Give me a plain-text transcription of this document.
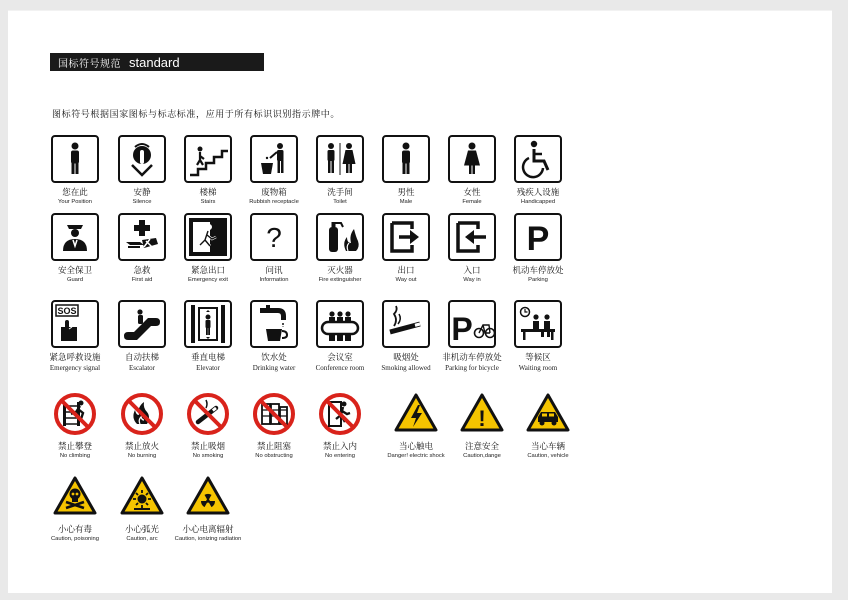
国标符号规范 standard
图标符号根据国家图标与标志标准，应用于所有标识识别指示牌中。
您在此
Your Position
安静
Silence
楼梯
Stairs
废物箱
Rubbish receptacle
洗手间
Toilet
男性
Male
女性
Female
残疾人设施
Handicapped
安全保卫
Guard
急救
First aid
紧急出口
Emergency exit
?
问讯
Information
灭火器
Fire extinguisher
出口
Way out
入口
Way in
P
机动车停放处
Parking
SOS
紧急呼救设施
Emergency signal
自动扶梯
Escalator
垂直电梯
Elevator
饮水处
Drinking water
会议室
Conference room
吸烟处
Smoking allowed
P
非机动车停放处
Parking for bicycle
等候区
Waiting room
禁止攀登
No climbing
禁止放火
No burning
禁止吸烟
No smoking
禁止阻塞
No obstructing
禁止入内
No entering
当心触电
Danger! electric shock
!
注意安全
Caution,dange
当心车辆
Caution, vehicle
小心有毒
Caution, poisoning
小心弧光
Caution, arc
小心电离辐射
Caution, ionizing radiation
